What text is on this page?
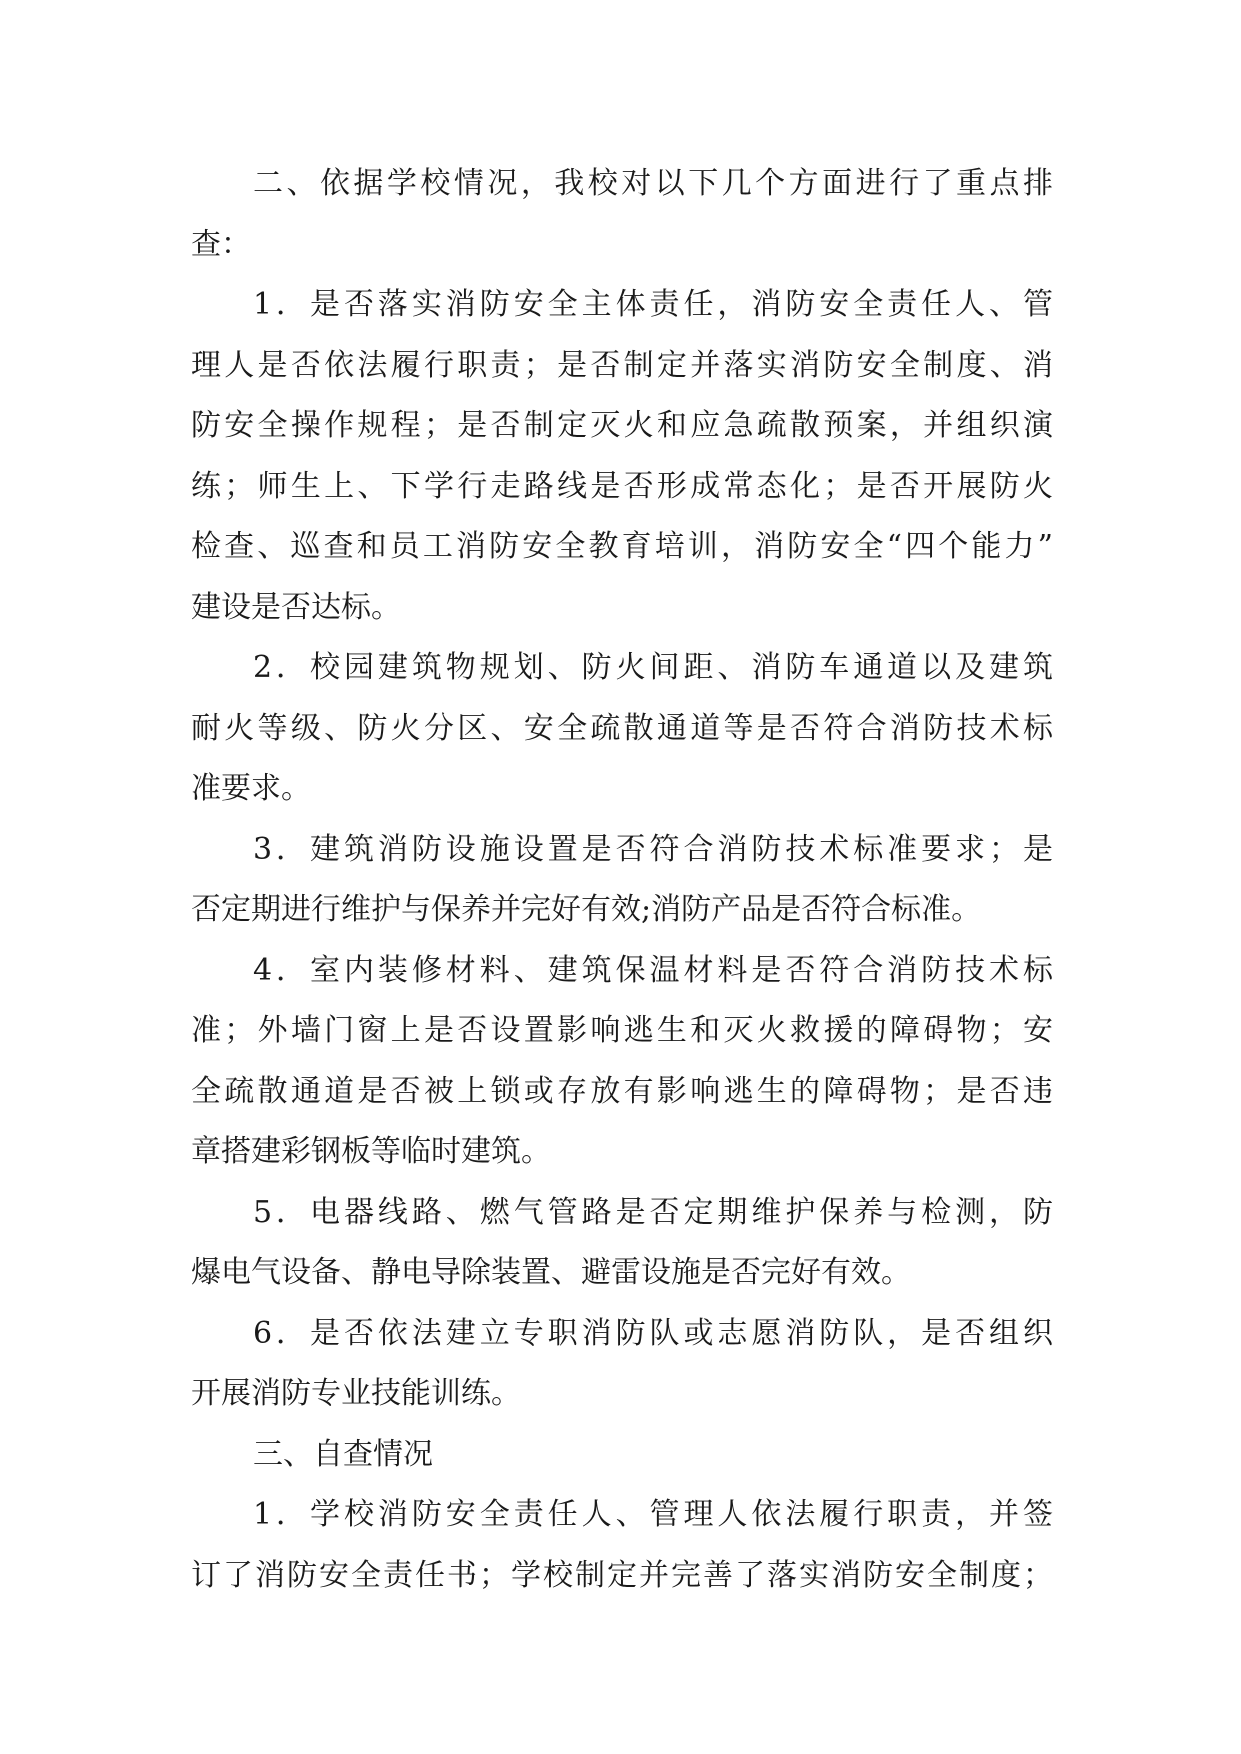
二、依据学校情况，我校对以下几个方面进行了重点排
查：
1．是否落实消防安全主体责任，消防安全责任人、管
理人是否依法履行职责；是否制定并落实消防安全制度、消
防安全操作规程；是否制定灭火和应急疏散预案，并组织演
练；师生上、下学行走路线是否形成常态化；是否开展防火
检查、巡查和员工消防安全教育培训，消防安全“四个能力”
建设是否达标。
2．校园建筑物规划、防火间距、消防车通道以及建筑
耐火等级、防火分区、安全疏散通道等是否符合消防技术标
准要求。
3．建筑消防设施设置是否符合消防技术标准要求；是
否定期进行维护与保养并完好有效;消防产品是否符合标准。
4．室内装修材料、建筑保温材料是否符合消防技术标
准；外墙门窗上是否设置影响逃生和灭火救援的障碍物；安
全疏散通道是否被上锁或存放有影响逃生的障碍物；是否违
章搭建彩钢板等临时建筑。
5．电器线路、燃气管路是否定期维护保养与检测，防
爆电气设备、静电导除装置、避雷设施是否完好有效。
6．是否依法建立专职消防队或志愿消防队，是否组织
开展消防专业技能训练。
三、自查情况
1．学校消防安全责任人、管理人依法履行职责，并签
订了消防安全责任书；学校制定并完善了落实消防安全制度；
